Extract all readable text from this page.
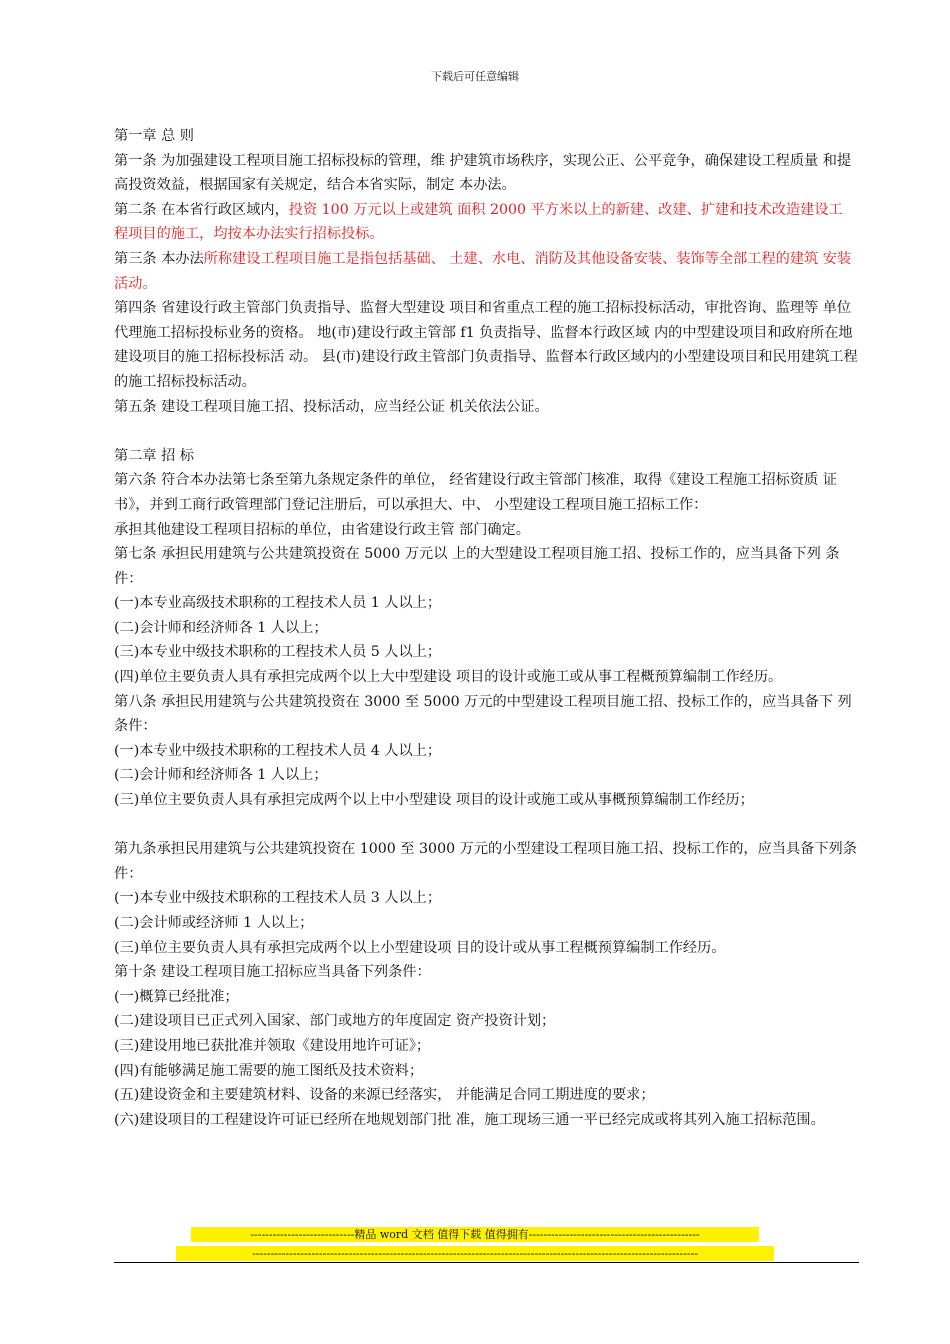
下载后可任意编辑

第一章 总 则

第一条 为加强建设工程项目施工招标投标的管理，维 护建筑市场秩序，实现公正、公平竞争，确保建设工程质量 和提高投资效益，根据国家有关规定，结合本省实际，制定 本办法。

第二条 在本省行政区域内，投资 100 万元以上或建筑 面积 2000 平方米以上的新建、改建、扩建和技术改造建设工 程项目的施工，均按本办法实行招标投标。

第三条 本办法所称建设工程项目施工是指包括基础、 土建、水电、消防及其他设备安装、装饰等全部工程的建筑 安装活动。

第四条 省建设行政主管部门负责指导、监督大型建设 项目和省重点工程的施工招标投标活动，审批咨询、监理等 单位代理施工招标投标业务的资格。 地(市)建设行政主管部 f1 负责指导、监督本行政区域 内的中型建设项目和政府所在地建设项目的施工招标投标活 动。 县(市)建设行政主管部门负责指导、监督本行政区域内的小型建设项目和民用建筑工程的施工招标投标活动。

第五条 建设工程项目施工招、投标活动，应当经公证 机关依法公证。

第二章 招 标

第六条 符合本办法第七条至第九条规定条件的单位， 经省建设行政主管部门核准，取得《建设工程施工招标资质 证书》，并到工商行政管理部门登记注册后，可以承担大、中、 小型建设工程项目施工招标工作：

承担其他建设工程项目招标的单位，由省建设行政主管 部门确定。

第七条 承担民用建筑与公共建筑投资在 5000 万元以 上的大型建设工程项目施工招、投标工作的，应当具备下列 条件：

(一)本专业高级技术职称的工程技术人员 1 人以上；

(二)会计师和经济师各 1 人以上；

(三)本专业中级技术职称的工程技术人员 5 人以上；

(四)单位主要负责人具有承担完成两个以上大中型建设 项目的设计或施工或从事工程概预算编制工作经历。

第八条 承担民用建筑与公共建筑投资在 3000 至 5000 万元的中型建设工程项目施工招、投标工作的，应当具备下 列条件：

(一)本专业中级技术职称的工程技术人员 4 人以上；

(二)会计师和经济师各 1 人以上；

(三)单位主要负责人具有承担完成两个以上中小型建设 项目的设计或施工或从事概预算编制工作经历；

第九条承担民用建筑与公共建筑投资在 1000 至 3000 万元的小型建设工程项目施工招、投标工作的，应当具备下列条件：

(一)本专业中级技术职称的工程技术人员 3 人以上；

(二)会计师或经济师 1 人以上；

(三)单位主要负责人具有承担完成两个以上小型建设项 目的设计或从事工程概预算编制工作经历。

第十条 建设工程项目施工招标应当具备下列条件：

(一)概算已经批准；

(二)建设项目已正式列入国家、部门或地方的年度固定 资产投资计划；

(三)建设用地已获批准并领取《建设用地许可证》；

(四)有能够满足施工需要的施工图纸及技术资料；

(五)建设资金和主要建筑材料、设备的来源已经落实， 并能满足合同工期进度的要求；

(六)建设项目的工程建设许可证已经所在地规划部门批 准，施工现场三通一平已经完成或将其列入施工招标范围。

----------------------------精品 word 文档 值得下载 值得拥有----------------------------------------------
------------------------------------------------------------------------------------------------------------------------
